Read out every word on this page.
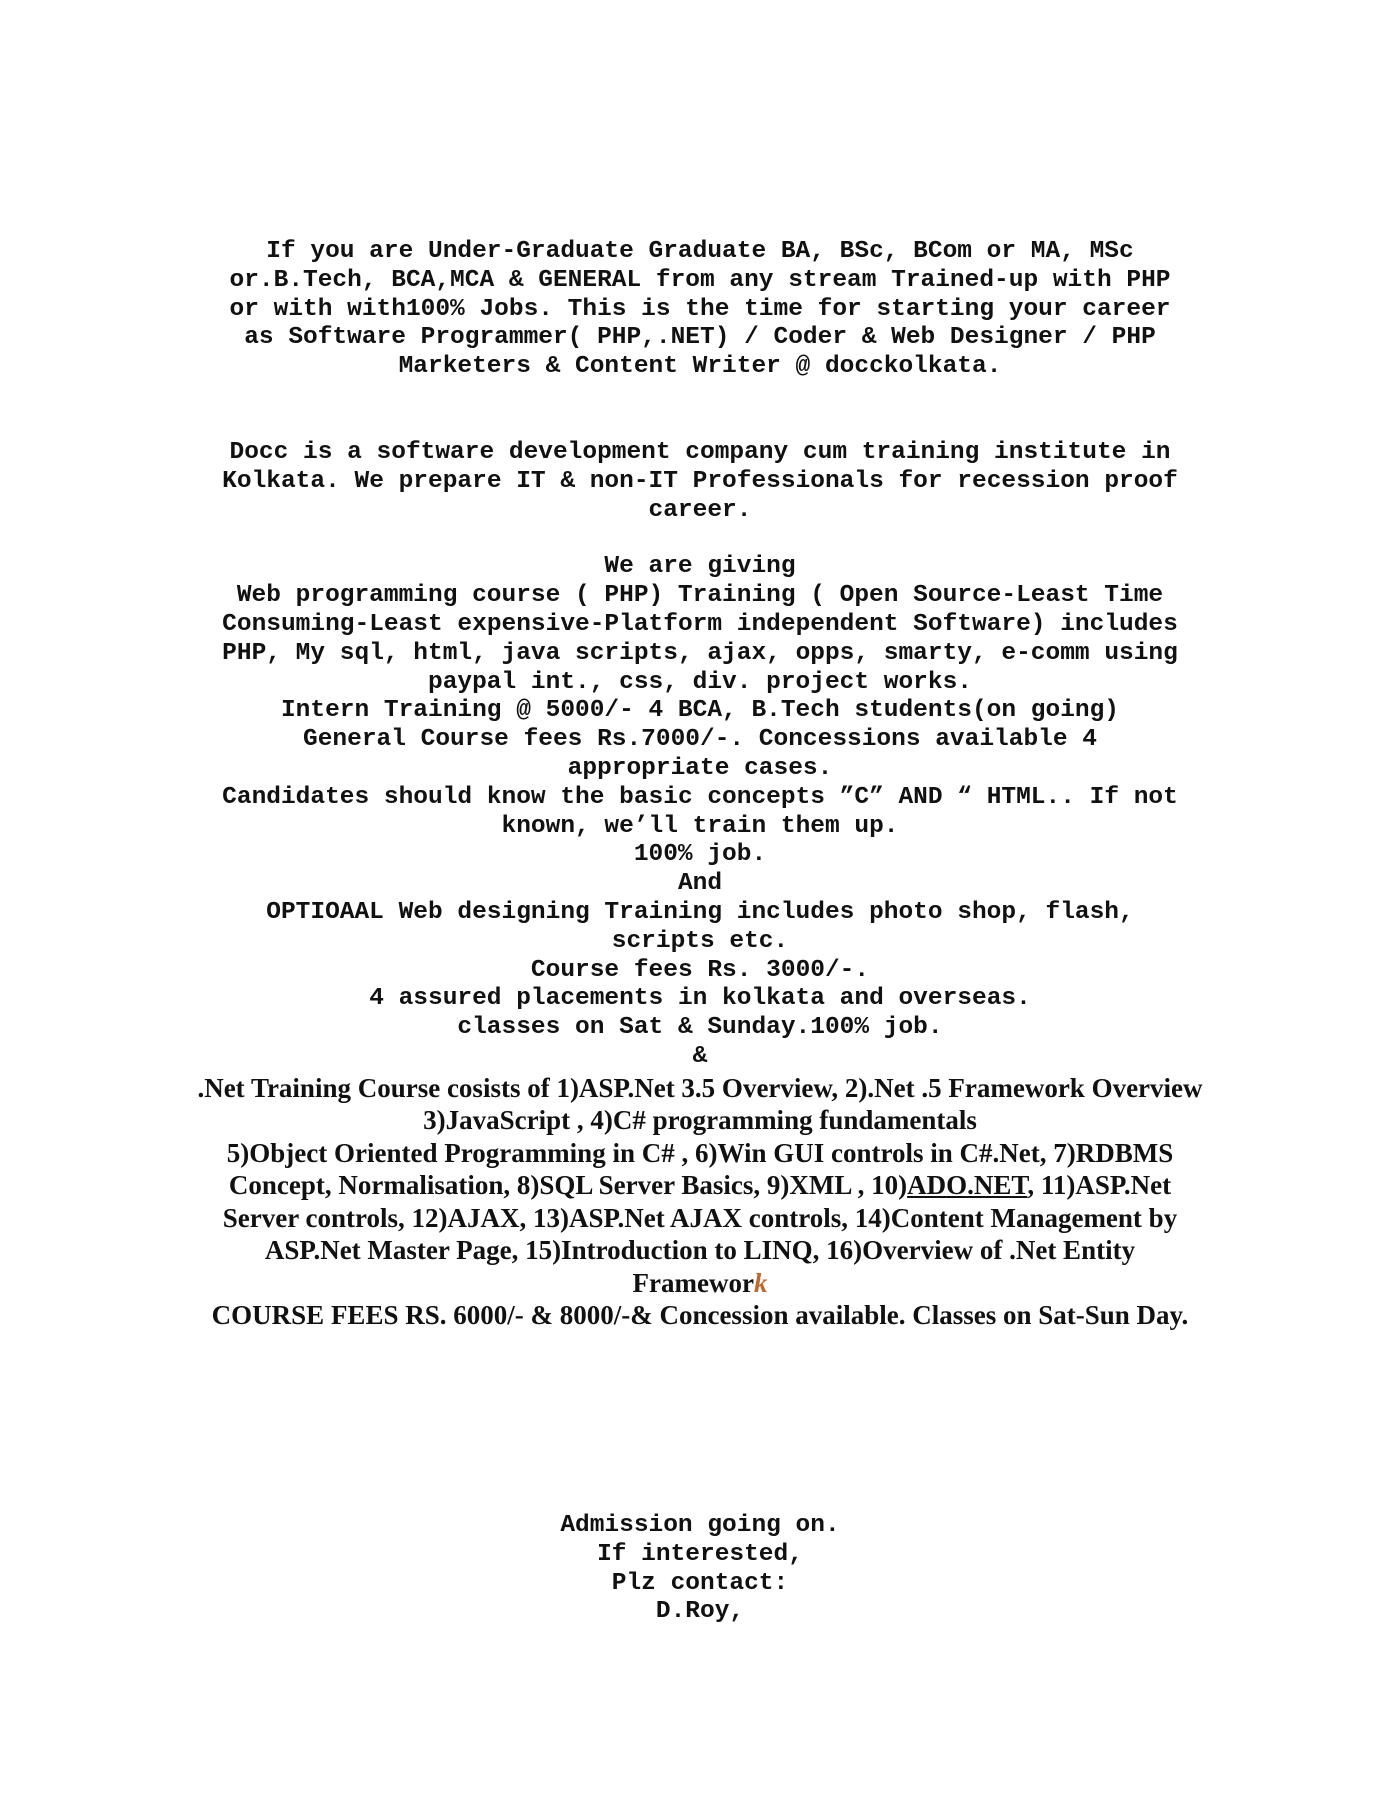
If you are Under-Graduate Graduate BA, BSc, BCom or MA, MSc

or.B.Tech, BCA,MCA & GENERAL from any stream Trained-up with PHP

or with with100% Jobs. This is the time for starting your career

as Software Programmer( PHP,.NET) / Coder & Web Designer / PHP

Marketers & Content Writer @ docckolkata.

Docc is a software development company cum training institute in

Kolkata. We prepare IT & non-IT Professionals for recession proof

career.

We are giving

Web programming course ( PHP) Training ( Open Source-Least Time

Consuming-Least expensive-Platform independent Software) includes

PHP, My sql, html, java scripts, ajax, opps, smarty, e-comm using

paypal int., css, div. project works.

Intern Training @ 5000/- 4 BCA, B.Tech students(on going)

General Course fees Rs.7000/-. Concessions available 4

appropriate cases.

Candidates should know the basic concepts ”C” AND “ HTML.. If not

known, we’ll train them up.

100% job.

And

OPTIOAAL Web designing Training includes photo shop, flash,

scripts etc.

Course fees Rs. 3000/-.

4 assured placements in kolkata and overseas.

classes on Sat & Sunday.100% job.

&

.Net Training Course cosists of 1)ASP.Net 3.5 Overview, 2).Net .5 Framework Overview 3)JavaScript , 4)C# programming fundamentals
5)Object Oriented Programming in C# , 6)Win GUI controls in C#.Net, 7)RDBMS Concept, Normalisation, 8)SQL Server Basics, 9)XML , 10)ADO.NET, 11)ASP.Net Server controls, 12)AJAX, 13)ASP.Net AJAX controls, 14)Content Management by ASP.Net Master Page, 15)Introduction to LINQ, 16)Overview of .Net Entity Framework

COURSE FEES RS. 6000/- & 8000/-& Concession available. Classes on Sat-Sun Day.

Admission going on.

If interested,

Plz contact:

D.Roy,
